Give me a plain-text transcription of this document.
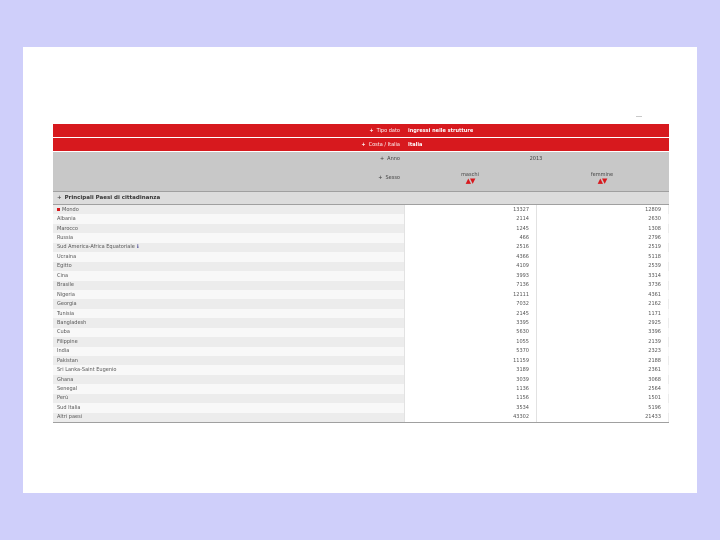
+ Tipo dato	ingressi nelle strutture
+ Costa / Italia	Italia
+ Anno	2013
+ Sesso
maschi
▲▼
femmine
▲▼
+ Principali Paesi di cittadinanza
Mondo	13327	12809
Albania	2114	2630
Marocco	1245	1308
Russia	466	2796
Sud America-Africa Equatoriale ℹ	2516	2519
Ucraina	4366	5118
Egitto	4109	2539
Cina	3993	3314
Brasile	7136	3736
Nigeria	12111	4361
Georgia	7032	2162
Tunisia	2145	1171
Bangladesh	3395	2925
Cuba	5630	3396
Filippine	1055	2139
India	5370	2323
Pakistan	11159	2188
Sri Lanka-Saint Eugenio	3189	2361
Ghana	3039	3068
Senegal	1136	2564
Perù	1156	1501
Sud Italia	3534	5196
Altri paesi	43302	21433
